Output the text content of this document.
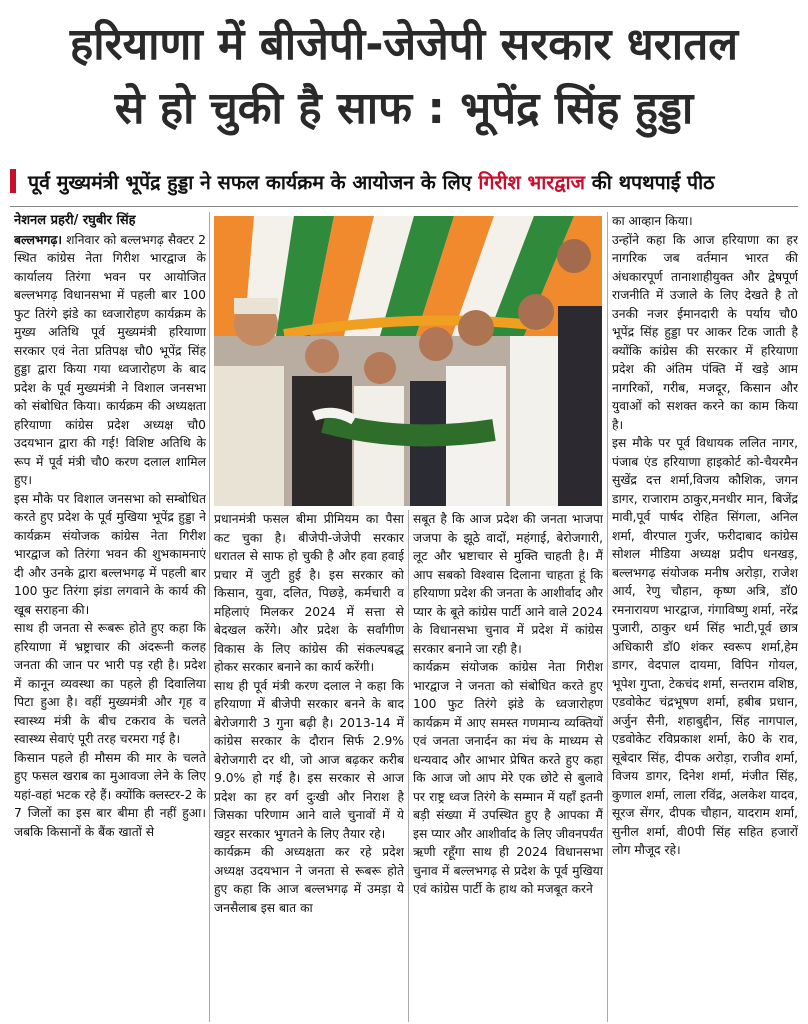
हरियाणा में बीजेपी-जेजेपी सरकार धरातल
से हो चुकी है साफ : भूपेंद्र सिंह हुड्डा
पूर्व मुख्यमंत्री भूपेंद्र हुड्डा ने सफल कार्यक्रम के आयोजन के लिए गिरीश भारद्वाज की थपथपाई पीठ

नेशनल प्रहरी/ रघुबीर सिंह

बल्लभगढ़। शनिवार को बल्लभगढ़ सैक्टर 2 स्थित कांग्रेस नेता गिरीश भारद्वाज के कार्यालय तिरंगा भवन पर आयोजित बल्लभगढ़ विधानसभा में पहली बार 100 फुट तिरंगे झंडे का ध्वजारोहण कार्यक्रम के मुख्य अतिथि पूर्व मुख्यमंत्री हरियाणा सरकार एवं नेता प्रतिपक्ष चौ0 भूपेंद्र सिंह हुड्डा द्वारा किया गया ध्वजारोहण के बाद प्रदेश के पूर्व मुख्यमंत्री ने विशाल जनसभा को संबोधित किया। कार्यक्रम की अध्यक्षता हरियाणा कांग्रेस प्रदेश अध्यक्ष चौ0 उदयभान द्वारा की गई! विशिष्ट अतिथि के रूप में पूर्व मंत्री चौ0 करण दलाल शामिल हुए।

इस मौके पर विशाल जनसभा को सम्बोधित करते हुए प्रदेश के पूर्व मुखिया भूपेंद्र हुड्डा ने कार्यक्रम संयोजक कांग्रेस नेता गिरीश भारद्वाज को तिरंगा भवन की शुभकामनाएं दी और उनके द्वारा बल्लभगढ़ में पहली बार 100 फुट तिरंगा झंडा लगवाने के कार्य की खूब सराहना की।

साथ ही जनता से रूबरू होते हुए कहा कि हरियाणा में भ्रष्ट्राचार की अंदरूनी कलह जनता की जान पर भारी पड़ रही है। प्रदेश में कानून व्यवस्था का पहले ही दिवालिया पिटा हुआ है। वहीं मुख्यमंत्री और गृह व स्वास्थ्य मंत्री के बीच टकराव के चलते स्वास्थ्य सेवाएं पूरी तरह चरमरा गई है।

किसान पहले ही मौसम की मार के चलते हुए फसल खराब का मुआवजा लेने के लिए यहां-वहां भटक रहे हैं। क्योंकि क्लस्टर-2 के 7 जिलों का इस बार बीमा ही नहीं हुआ। जबकि किसानों के बैंक खातों से

प्रधानमंत्री फसल बीमा प्रीमियम का पैसा कट चुका है। बीजेपी-जेजेपी सरकार धरातल से साफ हो चुकी है और हवा हवाई प्रचार में जुटी हुई है। इस सरकार को किसान, युवा, दलित, पिछड़े, कर्मचारी व महिलाएं मिलकर 2024 में सत्ता से बेदखल करेंगे। और प्रदेश के सर्वांगीण विकास के लिए कांग्रेस की संकल्पबद्ध होकर सरकार बनाने का कार्य करेंगी।

साथ ही पूर्व मंत्री करण दलाल ने कहा कि हरियाणा में बीजेपी सरकार बनने के बाद बेरोजगारी 3 गुना बढ़ी है। 2013-14 में कांग्रेस सरकार के दौरान सिर्फ 2.9% बेरोजगारी दर थी, जो आज बढ़कर करीब 9.0% हो गई है। इस सरकार से आज प्रदेश का हर वर्ग दुःखी और निराश है जिसका परिणाम आने वाले चुनावों में ये खट्टर सरकार भुगतने के लिए तैयार रहे।

कार्यक्रम की अध्यक्षता कर रहे प्रदेश अध्यक्ष उदयभान ने जनता से रूबरू होते हुए कहा कि आज बल्लभगढ़ में उमड़ा ये जनसैलाब इस बात का

सबूत है कि आज प्रदेश की जनता भाजपा जजपा के झूठे वादों, महंगाई, बेरोजगारी, लूट और भ्रष्टाचार से मुक्ति चाहती है। मैं आप सबको विश्वास दिलाना चाहता हूं कि हरियाणा प्रदेश की जनता के आशीर्वाद और प्यार के बूते कांग्रेस पार्टी आने वाले 2024 के विधानसभा चुनाव में प्रदेश में कांग्रेस सरकार बनाने जा रही है।

कार्यक्रम संयोजक कांग्रेस नेता गिरीश भारद्वाज ने जनता को संबोधित करते हुए 100 फुट तिरंगे झंडे के ध्वजारोहण कार्यक्रम में आए समस्त गणमान्य व्यक्तियों एवं जनता जनार्दन का मंच के माध्यम से धन्यवाद और आभार प्रेषित करते हुए कहा कि आज जो आप मेरे एक छोटे से बुलावे पर राष्ट्र ध्वज तिरंगे के सम्मान में यहाँ इतनी बड़ी संख्या में उपस्थित हुए है आपका मैं इस प्यार और आशीर्वाद के लिए जीवनपर्यंत ऋणी रहूँगा साथ ही 2024 विधानसभा चुनाव में बल्लभगढ़ से प्रदेश के पूर्व मुखिया एवं कांग्रेस पार्टी के हाथ को मजबूत करने

का आव्हान किया।

उन्होंने कहा कि आज हरियाणा का हर नागरिक जब वर्तमान भारत की अंधकारपूर्ण तानाशाहीयुक्त और द्वेषपूर्ण राजनीति में उजाले के लिए देखते है तो उनकी नजर ईमानदारी के पर्याय चौ0 भूपेंद्र सिंह हुड्डा पर आकर टिक जाती है क्योंकि कांग्रेस की सरकार में हरियाणा प्रदेश की अंतिम पंक्ति में खड़े आम नागरिकों, गरीब, मजदूर, किसान और युवाओं को सशक्त करने का काम किया है।

इस मौके पर पूर्व विधायक ललित नागर, पंजाब एंड हरियाणा हाइकोर्ट को-चैयरमैन सुखेंद्र दत्त शर्मा,विजय कौशिक, जगन डागर, राजाराम ठाकुर,मनधीर मान, बिजेंद्र मावी,पूर्व पार्षद रोहित सिंगला, अनिल शर्मा, वीरपाल गुर्जर, फरीदाबाद कांग्रेस सोशल मीडिया अध्यक्ष प्रदीप धनखड़, बल्लभगढ़ संयोजक मनीष अरोड़ा, राजेश आर्य, रेणु चौहान, कृष्ण अत्रि, डॉ0 रमनारायण भारद्वाज, गंगाविष्णु शर्मा, नरेंद्र पुजारी, ठाकुर धर्म सिंह भाटी,पूर्व छात्र अधिकारी डॉ0 शंकर स्वरूप शर्मा,हेम डागर, वेदपाल दायमा, विपिन गोयल, भूपेश गुप्ता, टेकचंद शर्मा, सन्तराम वशिष्ठ, एडवोकेट चंद्रभूषण शर्मा, हबीब प्रधान, अर्जुन सैनी, शहाबुद्दीन, सिंह नागपाल, एडवोकेट रविप्रकाश शर्मा, के0 के राव, सूबेदार सिंह, दीपक अरोड़ा, राजीव शर्मा, विजय डागर, दिनेश शर्मा, मंजीत सिंह, कुणाल शर्मा, लाला रविंद्र, अलकेश यादव, सूरज सेंगर, दीपक चौहान, यादराम शर्मा, सुनील शर्मा, वी0पी सिंह सहित हजारों लोग मौजूद रहे।
